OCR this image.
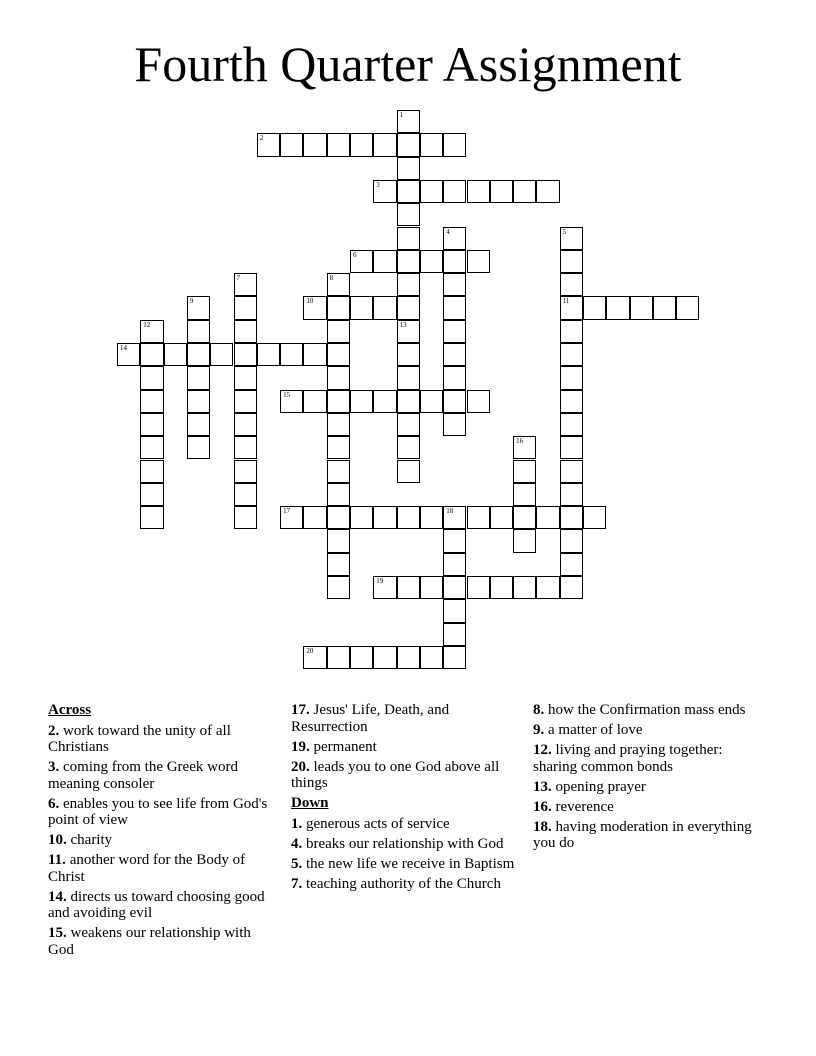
Fourth Quarter Assignment
1
2
3
4	5
11
6
7	8
9	10
12	13
14
15
16
17	18
19
20
Across
2. work toward the unity of all Christians
3. coming from the Greek word meaning consoler
6. enables you to see life from God's point of view
10. charity
11. another word for the Body of Christ
14. directs us toward choosing good and avoiding evil
15. weakens our relationship with God
17. Jesus' Life, Death, and Resurrection
19. permanent
20. leads you to one God above all things
Down
1. generous acts of service
4. breaks our relationship with God
5. the new life we receive in Baptism
7. teaching authority of the Church
8. how the Confirmation mass ends
9. a matter of love
12. living and praying together: sharing common bonds
13. opening prayer
16. reverence
18. having moderation in everything you do
